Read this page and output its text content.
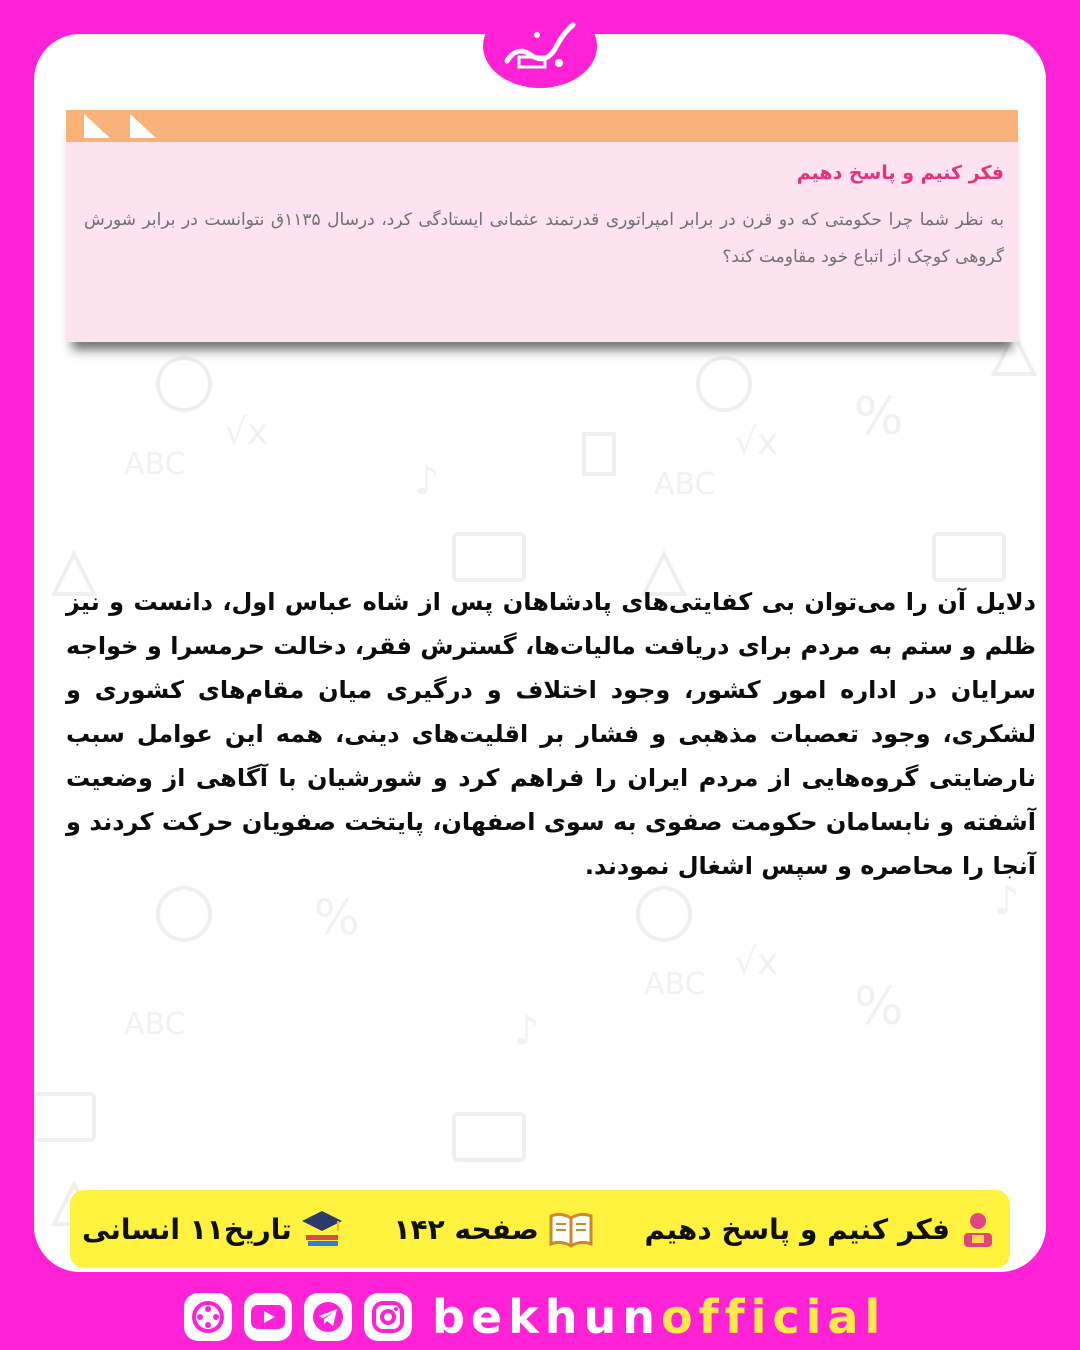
%
%
%
ABC
ABC
ABC
ABC
♪
♪
♪
√x	√x
√x
فکر کنیم و پاسخ دهیم
به نظر شما چرا حکومتی که دو قرن در برابر امپراتوری قدرتمند عثمانی ایستادگی کرد، درسال ۱۱۳۵ق نتوانست در برابر شورش گروهی کوچک از اتباع خود مقاومت کند؟
دلایل آن را می‌توان بی کفایتی‌های پادشاهان پس از شاه عباس اول، دانست و نیز ظلم و ستم به مردم برای دریافت مالیات‌ها، گسترش فقر، دخالت حرمسرا و خواجه سرایان در اداره امور کشور، وجود اختلاف و درگیری میان مقام‌های کشوری و لشکری، وجود تعصبات مذهبی و فشار بر اقلیت‌های دینی، همه این عوامل سبب نارضایتی گروه‌هایی از مردم ایران را فراهم کرد و شورشیان با آگاهی از وضعیت آشفته و نابسامان حکومت صفوی به سوی اصفهان، پایتخت صفویان حرکت کردند و آنجا را محاصره و سپس اشغال نمودند.
فکر کنیم و پاسخ دهیم
صفحه ۱۴۲
تاریخ۱۱ انسانی
bekhunofficial
